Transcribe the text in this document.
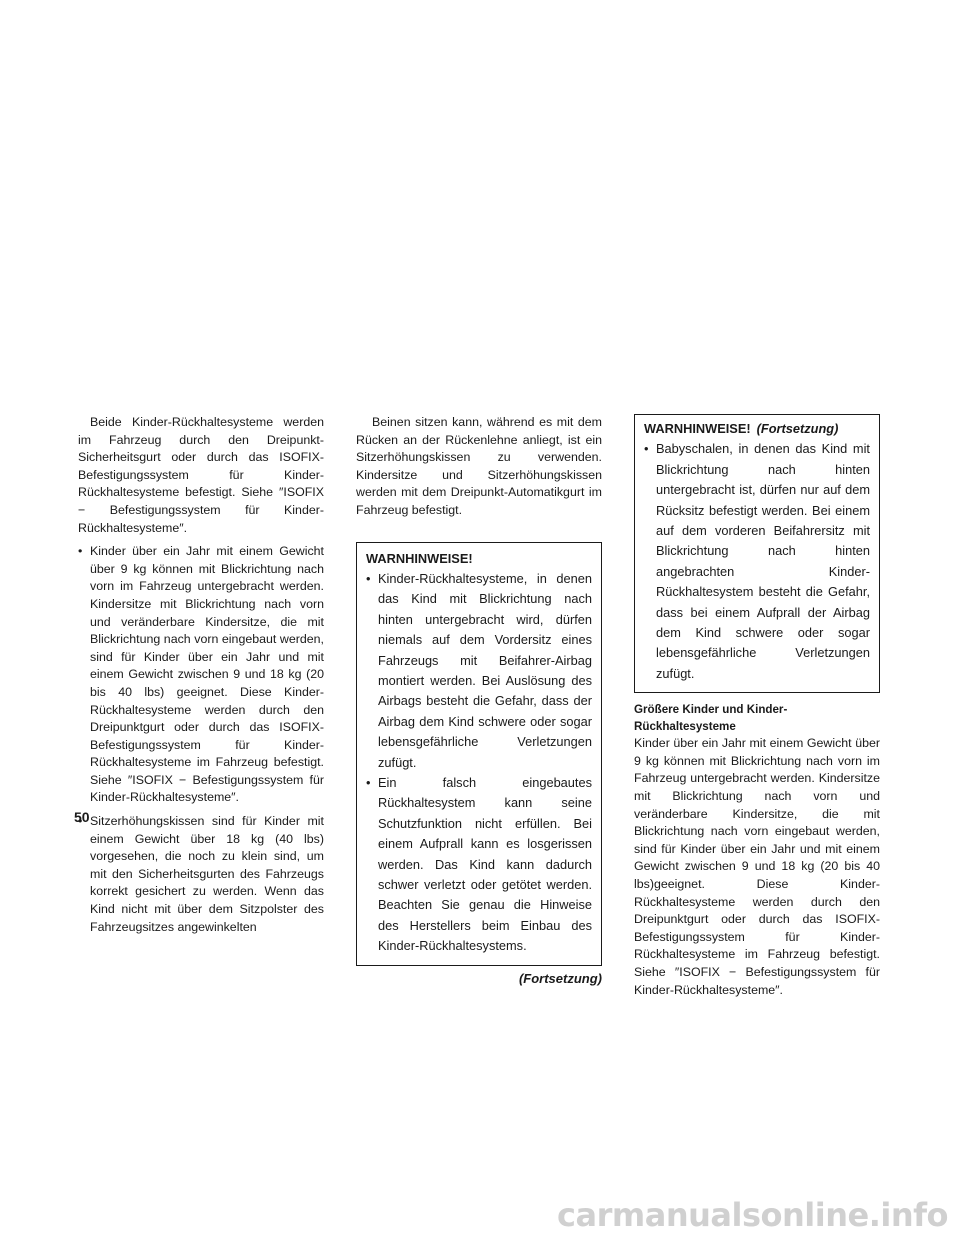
Beide Kinder-Rückhaltesysteme werden im Fahrzeug durch den Dreipunkt-Sicherheitsgurt oder durch das ISOFIX-Befestigungssystem für Kinder-Rückhaltesysteme befestigt. Siehe ″ISOFIX − Befestigungssystem für Kinder-Rückhaltesysteme″.

• Kinder über ein Jahr mit einem Gewicht über 9 kg können mit Blickrichtung nach vorn im Fahrzeug untergebracht werden. Kindersitze mit Blickrichtung nach vorn und veränderbare Kindersitze, die mit Blickrichtung nach vorn eingebaut werden, sind für Kinder über ein Jahr und mit einem Gewicht zwischen 9 und 18 kg (20 bis 40 lbs) geeignet. Diese Kinder-Rückhaltesysteme werden durch den Dreipunktgurt oder durch das ISOFIX-Befestigungssystem für Kinder-Rückhaltesysteme im Fahrzeug befestigt. Siehe ″ISOFIX − Befestigungssystem für Kinder-Rückhaltesysteme″.
• Sitzerhöhungskissen sind für Kinder mit einem Gewicht über 18 kg (40 lbs) vorgesehen, die noch zu klein sind, um mit den Sicherheitsgurten des Fahrzeugs korrekt gesichert zu werden. Wenn das Kind nicht mit über dem Sitzpolster des Fahrzeugsitzes angewinkelten

Beinen sitzen kann, während es mit dem Rücken an der Rückenlehne anliegt, ist ein Sitzerhöhungskissen zu verwenden. Kindersitze und Sitzerhöhungskissen werden mit dem Dreipunkt-Automatikgurt im Fahrzeug befestigt.

WARNHINWEISE!
• Kinder-Rückhaltesysteme, in denen das Kind mit Blickrichtung nach hinten untergebracht wird, dürfen niemals auf dem Vordersitz eines Fahrzeugs mit Beifahrer-Airbag montiert werden. Bei Auslösung des Airbags besteht die Gefahr, dass der Airbag dem Kind schwere oder sogar lebensgefährliche Verletzungen zufügt.
• Ein falsch eingebautes Rückhaltesystem kann seine Schutzfunktion nicht erfüllen. Bei einem Aufprall kann es losgerissen werden. Das Kind kann dadurch schwer verletzt oder getötet werden. Beachten Sie genau die Hinweise des Herstellers beim Einbau des Kinder-Rückhaltesystems.
(Fortsetzung)
WARNHINWEISE! (Fortsetzung)
• Babyschalen, in denen das Kind mit Blickrichtung nach hinten untergebracht ist, dürfen nur auf dem Rücksitz befestigt werden. Bei einem auf dem vorderen Beifahrersitz mit Blickrichtung nach hinten angebrachten Kinder-Rückhaltesystem besteht die Gefahr, dass bei einem Aufprall der Airbag dem Kind schwere oder sogar lebensgefährliche Verletzungen zufügt.
Größere Kinder und Kinder-Rückhaltesysteme

Kinder über ein Jahr mit einem Gewicht über 9 kg können mit Blickrichtung nach vorn im Fahrzeug untergebracht werden. Kindersitze mit Blickrichtung nach vorn und veränderbare Kindersitze, die mit Blickrichtung nach vorn eingebaut werden, sind für Kinder über ein Jahr und mit einem Gewicht zwischen 9 und 18 kg (20 bis 40 lbs)geeignet. Diese Kinder-Rückhaltesysteme werden durch den Dreipunktgurt oder durch das ISOFIX-Befestigungssystem für Kinder-Rückhaltesysteme im Fahrzeug befestigt. Siehe ″ISOFIX − Befestigungssystem für Kinder-Rückhaltesysteme″.

50
carmanualsonline.info
